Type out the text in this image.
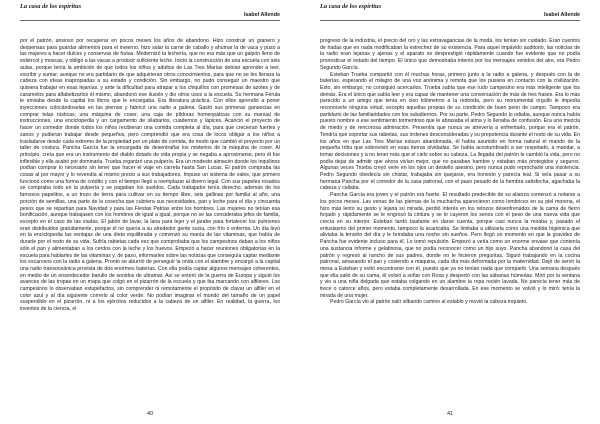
La casa de los espíritus
Isabel Allende

por el patrón, ansioso por recuperar en pocos meses los años de abandono. Hizo construir un granero y despensas para guardar alimentos para el invierno, hizo salar la carne de caballo y ahumar la de vaca y puso a las mujeres a hacer dulces y conservas de frutas. Modernizó la lechería, que no era más que un galpón lleno de estiércol y moscas, y obligó a las vacas a producir suficiente leche. Inició la construcción de una escuela con seis aulas, porque tenía la ambición de que todos los niños y adultos de Las Tres Marías debían aprender a leer, escribir y sumar, aunque no era partidario de que adquirieran otros conocimientos, para que no se les llenara la cabeza con ideas inapropiadas a su estado y condición. Sin embargo, no pudo conseguir un maestro que quisiera trabajar en esas lejanías, y ante la dificultad para atrapar a los chiquillos con promesas de azotes y de caramelos para alfabetizarlos él mismo, abandonó ese ilusión y dio otros usos a la escuela. Su hermana Férula le enviaba desde la capital los libros que le encargaba. Era literatura práctica. Con ellos aprendió a poner inyecciones colocándoselas en las piernas y fabricó una radio a galena. Gastó sus primeras ganancias en comprar telas rústicas, una máquina de coser, una caja de píldoras homeopáticas con su manual de instrucciones, una enciclopedia y un cargamento de silabarios, cuadernos y lápices. Acarició el proyecto de hacer un comedor donde todos los niños recibieran una comida completa al día, para que crecieran fuertes y sanos y pudieran trabajar desde pequeños, pero comprendió que era cosa de locos obligar a los niños a trasladarse desde cada extremo de la propiedad por un plato de comida, de modo que cambió el proyecto por un taller de costura. Pancha García fue la encargada de desentrañar los misterios de la máquina de coser. Al principio, creía que era un instrumento del diablo dotado de vida propia y se negaba a aproximarse, pero él fue inflexible y ella acabó por dominarla. Trueba organizó una pulpería. Era un modesto almacén donde los inquilinos podían comprar lo necesario sin tener que hacer el viaje en carreta hasta San Lucas. El patrón compraba las cosas al por mayor y lo revendía al mismo precio a sus trabajadores. Impuso un sistema de vales, que primero funcionó como una forma de crédito y con el tiempo llegó a reemplazar al dinero legal. Con sus papeles rosados se compraba todo en la pulpería y se pagaban los sueldos. Cada trabajador tenía derecho, además de los famosos papelitos, a un trozo de tierra para cultivar en su tiempo libre, seis gallinas por familia al año, una porción de semillas, una parte de la cosecha que cubriera sus necesidades, pan y leche para el día y cincuenta pesos que se repartían para Navidad y para las Fiestas Patrias entre los hombres. Las mujeres no tenían esa bonificación, aunque trabajasen con los hombres de igual a igual, porque no se las consideraba jefes de familia, excepto en el caso de las viudas. El jabón de lavar, la lana para tejer y el jarabe para fortalecer los pulmones eran distribuidos gratuitamente, porque él no quería a su alrededor gente sucia, con frío o enferma. Un día leyó en la enciclopedia las ventajas de una dieta equilibrada y comenzó su manía de las vitaminas, que había de durarle por el resto de su vida. Sufría rabietas cada vez que comprobaba que los campesinos daban a los niños sólo el pan y alimentaban a los cerdos con la leche y los huevos. Empezó a hacer reuniones obligatorias en la escuela para hablarles de las vitaminas y, de paso, informarles sobre las noticias que conseguía captar mediante los escarceos con la radio a galena. Pronto se aburrió de perseguir la onda con el alambre y encargó a la capital una radio transoceánica provista de dos enormes baterías. Con ella podía captar algunos mensajes coherentes, en medio de un ensordecedor barullo de sonidos de ultramar. Así se enteró de la guerra de Europa y siguió los avances de las tropas en un mapa que colgó en el pizarrón de la escuela y que iba marcando con alfileres. Los campesinos lo observaban estupefactos, sin comprender ni remotamente el propósito de clavar un alfiler en el color azul y al día siguiente correrlo al color verde. No podían imaginar el mundo del tamaño de un papel suspendido en el pizarrón, ni a los ejércitos reducidos a la cabeza de un alfiler. En realidad, la guerra, los inventos de la ciencia, el

40
La casa de los espíritus
Isabel Allende

progreso de la industria, el precio del oro y las extravagancias de la moda, los tenían sin cuidado. Eran cuentos de hadas que en nada modificaban la estrechez de su existencia. Para aquel impávido auditorio, las noticias de la radio eran lejanas y ajenas y el aparato se desprestigió rápidamente cuando fue evidente que no podía pronosticar el estado del tiempo. El único que demostraba interés por los mensajes venidos del aire, era Pedro Segundo García.

Esteban Trueba compartió con él muchas horas, primero junto a la radio a galena, y después con la de baterías, esperando el milagro de una voz anónima y remota que los pusiera en contacto con la civilización. Esto, sin embargo, no consiguió acercarlos. Trueba sabía que ese rudo campesino era más inteligente que los demás. Era el único que sabía leer y era capaz de mantener una conversación de más de tres frases. Era lo más parecido a un amigo que tenía en cien kilómetros a la redonda, pero su monumental orgullo le impedía reconocerle ninguna virtud, excepto aquellas propias de su condición de buen peón de campo. Tampoco era partidario de las familiaridades con los subalternos. Por su parte, Pedro Segundo lo odiaba, aunque nunca había puesto nombre a ese sentimiento tormentoso que le abrasaba el alma y lo llenaba de confusión. Era una mezcla de miedo y de rencorosa admiración. Presentía que nunca se atrevería a enfrentarlo, porque era el patrón. Tendría que soportar sus rabietas, sus órdenes desconsideradas y su prepotencia durante el resto de su vida. En los años en que Las Tres Marías estuvo abandonada, él había asumido en forma natural el mando de la pequeña tribu que sobrevivió en esas tierras olvidadas. Se había acostumbrado a ser respetado, a mandar, a tomar decisiones y a no tener más que el cielo sobre su cabeza. La llegada del patrón le cambió la vida, pero no podía dejar de admitir que ahora vivían mejor, que no pasaban hambre y estaban más protegidos y seguros. Algunas veces Trueba creyó verle en los ojos un destello asesino, pero nunca pudo reprocharle una insolencia. Pedro Segundo obedecía sin chistar, trabajaba sin quejarse, era honesto y parecía leal. Si veía pasar a su hermana Pancha por el corredor de la casa patronal, con el paso pesado de la hembra satisfecha, agachaba la cabeza y callaba.

Pancha García era joven y el patrón era fuerte. El resultado predecible de su alianza comenzó a notarse a los pocos meses. Las venas de las piernas de la muchacha aparecieron como lombrices en su piel morena, el hizo más lento su gesto y lejana su mirada, perdió interés en los retozos desenfrenados de la cama de fierro forjado y rápidamente se le engrosó la cintura y se le cayeron los senos con el peso de una nueva vida que crecía en su interior. Esteban tardó bastante en darse cuenta, porque casi nunca la miraba y, pasado el entusiasmo del primer momento, tampoco la acariciaba. Se limitaba a utilizarla como una medida higiénica que aliviaba la tensión del día y le brindaba una noche sin sueños. Pero llegó un momento en que la gravidez de Pancha fue evidente incluso para él. Lo tomó repulsión. Empezó a verla como un enorme envase que contenía una sustancia informe y gelatinosa, que no podía reconocer como un hijo suyo. Pancha abandonó la casa del patrón y regresó al rancho de sus padres, donde no le hicieron preguntas. Siguió trabajando en la cocina patronal, amasando el pan y cosiendo a máquina, cada día más deformada por la maternidad. Dejó de servir la mesa a Esteban y evitó encontrarse con él, puesto que ya no tenían nada que compartir. Una semana después que ella salió de su cama, él volvió a soñar con Rosa y despertó con las sábanas húmedas. Miró por la ventana y vio a una niña delgada que estaba colgando en un alambre la ropa recién lavada. No parecía tener más de trece o catorce años, pero estaba completamente desarrollada. En ese momento se volvió y lo miró: tenía la mirada de una mujer.

Pedro García vio al patrón salir silbando camino al establo y movió la cabeza inquieto.

41
